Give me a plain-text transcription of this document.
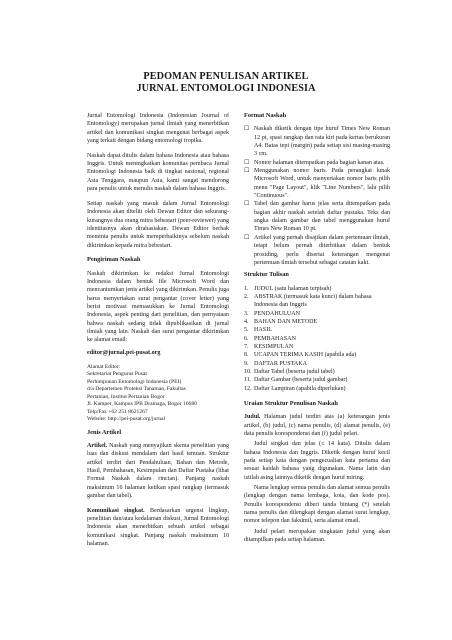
PEDOMAN PENULISAN ARTIKEL
JURNAL ENTOMOLOGI INDONESIA

Jurnal Entomologi Indonesia (Indonesian Journal of Entomology) merupakan jurnal ilmiah yang menerbitkan artikel dan komunikasi singkat mengenai berbagai aspek yang terkait dengan bidang entomologi tropika.

Naskah dapat ditulis dalam bahasa Indonesia atau bahasa Inggris. Untuk meningkatkan komunitas pembaca Jurnal Entomologi Indonesia baik di tingkat nasional, regional Asia Tenggara, maupun Asia, kami sangat mendorong para penulis untuk menulis naskah dalam bahasa Inggris.

Setiap naskah yang masuk dalam Jurnal Entomologi Indonesia akan diteliti oleh Dewan Editor dan sekurang-kurangnya dua orang mitra bebestari (peer-reviewer) yang identitasnya akan dirahasiakan. Dewan Editor berhak meminta penulis untuk memperbaikinya sebelum naskah dikirimkan kepada mitra bebestari.

Pengiriman Naskah

Naskah dikirimkan ke redaksi Jurnal Entomologi Indonesia dalam bentuk file Microsoft Word dan mencantumkan jenis artikel yang dikirimkan. Penulis juga harus menyertakan surat pengantar (cover letter) yang berisi motivasi memasukkan ke Jurnal Entomologi Indonesia, aspek penting dari penelitian, dan pernyataan bahwa naskah sedang tidak dipublikasikan di jurnal ilmiah yang lain. Naskah dan surat pengantar dikirimkan ke alamat email:

editor@jurnal.pei-pusat.org

Alamat Editor:
Sekretariat Pengurus Pusat
Perhimpunan Entomologi Indonesia (PEI)
d/a Departemen Proteksi Tanaman, Fakultas
Pertanian, Institut Pertanian Bogor
Jl. Kamper, Kampus IPB Dramaga, Bogor 16680
Telp/Fax +62 251 8621267
Website: http://pei-pusat.org/jurnal
Jenis Artikel

Artikel. Naskah yang menyajikan skema penelitian yang luas dan diskusi mendalam dari hasil temuan. Struktur artikel terdiri dari Pendahuluan, Bahan dan Metode, Hasil, Pembahasan, Kesimpulan dan Daftar Pustaka (lihat Format Naskah dalam rincian). Panjang naskah maksimum 16 halaman ketikan spasi rangkap (termasuk gambar dan tabel).

Komunikasi singkat. Berdasarkan urgensi lingkup, penelitian dan/atau kedalaman diskusi, Jurnal Entomologi Indonesia akan menerbitkan sebuah artikel sebagai komunikasi singkat. Panjang naskah maksimum 10 halaman.

Format Naskah
☐ Naskah diketik dengan tipe huruf Times New Roman 12 pt, spasi rangkap dan rata kiri pada kertas berukuran A4. Batas tepi (margin) pada setiap sisi masing-masing 3 cm.
☐ Nomor halaman ditempatkan pada bagian kanan atas.
☐ Menggunakan nomor baris. Pada perangkat lunak Microsoft Word, untuk menyertakan nomor baris pilih menu "Page Layout", klik "Line Numbers", lalu pilih "Continuous".
☐ Tabel dan gambar harus jelas serta ditempatkan pada bagian akhir naskah setelah daftar pustaka. Teks dan angka dalam gambar dan tabel menggunakan huruf Times New Roman 10 pt.
☐ Artikel yang pernah disajikan dalam pertemuan ilmiah, tetapi belum pernah diterbitkan dalam bentuk prosiding, perlu disertai keterangan mengenai pertemuan ilmiah tersebut sebagai catatan kaki.
Struktur Tulisan
1. JUDUL (satu halaman terpisah)
2. ABSTRAK (termasuk kata kunci) dalam bahasa Indonesia dan Inggris
3. PENDAHULUAN
4. BAHAN DAN METODE
5. HASIL
6. PEMBAHASAN
7. KESIMPULAN
8. UCAPAN TERIMA KASIH (apabila ada)
9. DAFTAR PUSTAKA
10. Daftar Tabel (beserta judul tabel)
11. Daftar Gambar (beserta judul gambar)
12. Daftar Lampiran (apabila diperlukan)
Uraian Struktur Penulisan Naskah

Judul. Halaman judul terdiri atas (a) keterangan jenis artikel, (b) judul, (c) nama penulis, (d) alamat penulis, (e) data penulis korespondensi dan (f) judul pelari.

Judul singkat dan jelas (≤ 14 kata). Ditulis dalam bahasa Indonesia dan Inggris. Diketik dengan huruf kecil pada setiap kata dengan pengecualian kata pertama dan sesuai kaidah bahasa yang digunakan. Nama latin dan istilah asing lainnya diketik dengan huruf miring.

Nama lengkap semua penulis dan alamat semua penulis (lengkap dengan nama lembaga, kota, dan kode pos). Penulis korespondensi diberi tanda bintang (*) setelah nama penulis dan dilengkapi dengan alamat surat lengkap, nomor telepon dan faksimil, serta alamat email.

Judul pelari merupakan singkatan judul yang akan ditampilkan pada setiap halaman.
